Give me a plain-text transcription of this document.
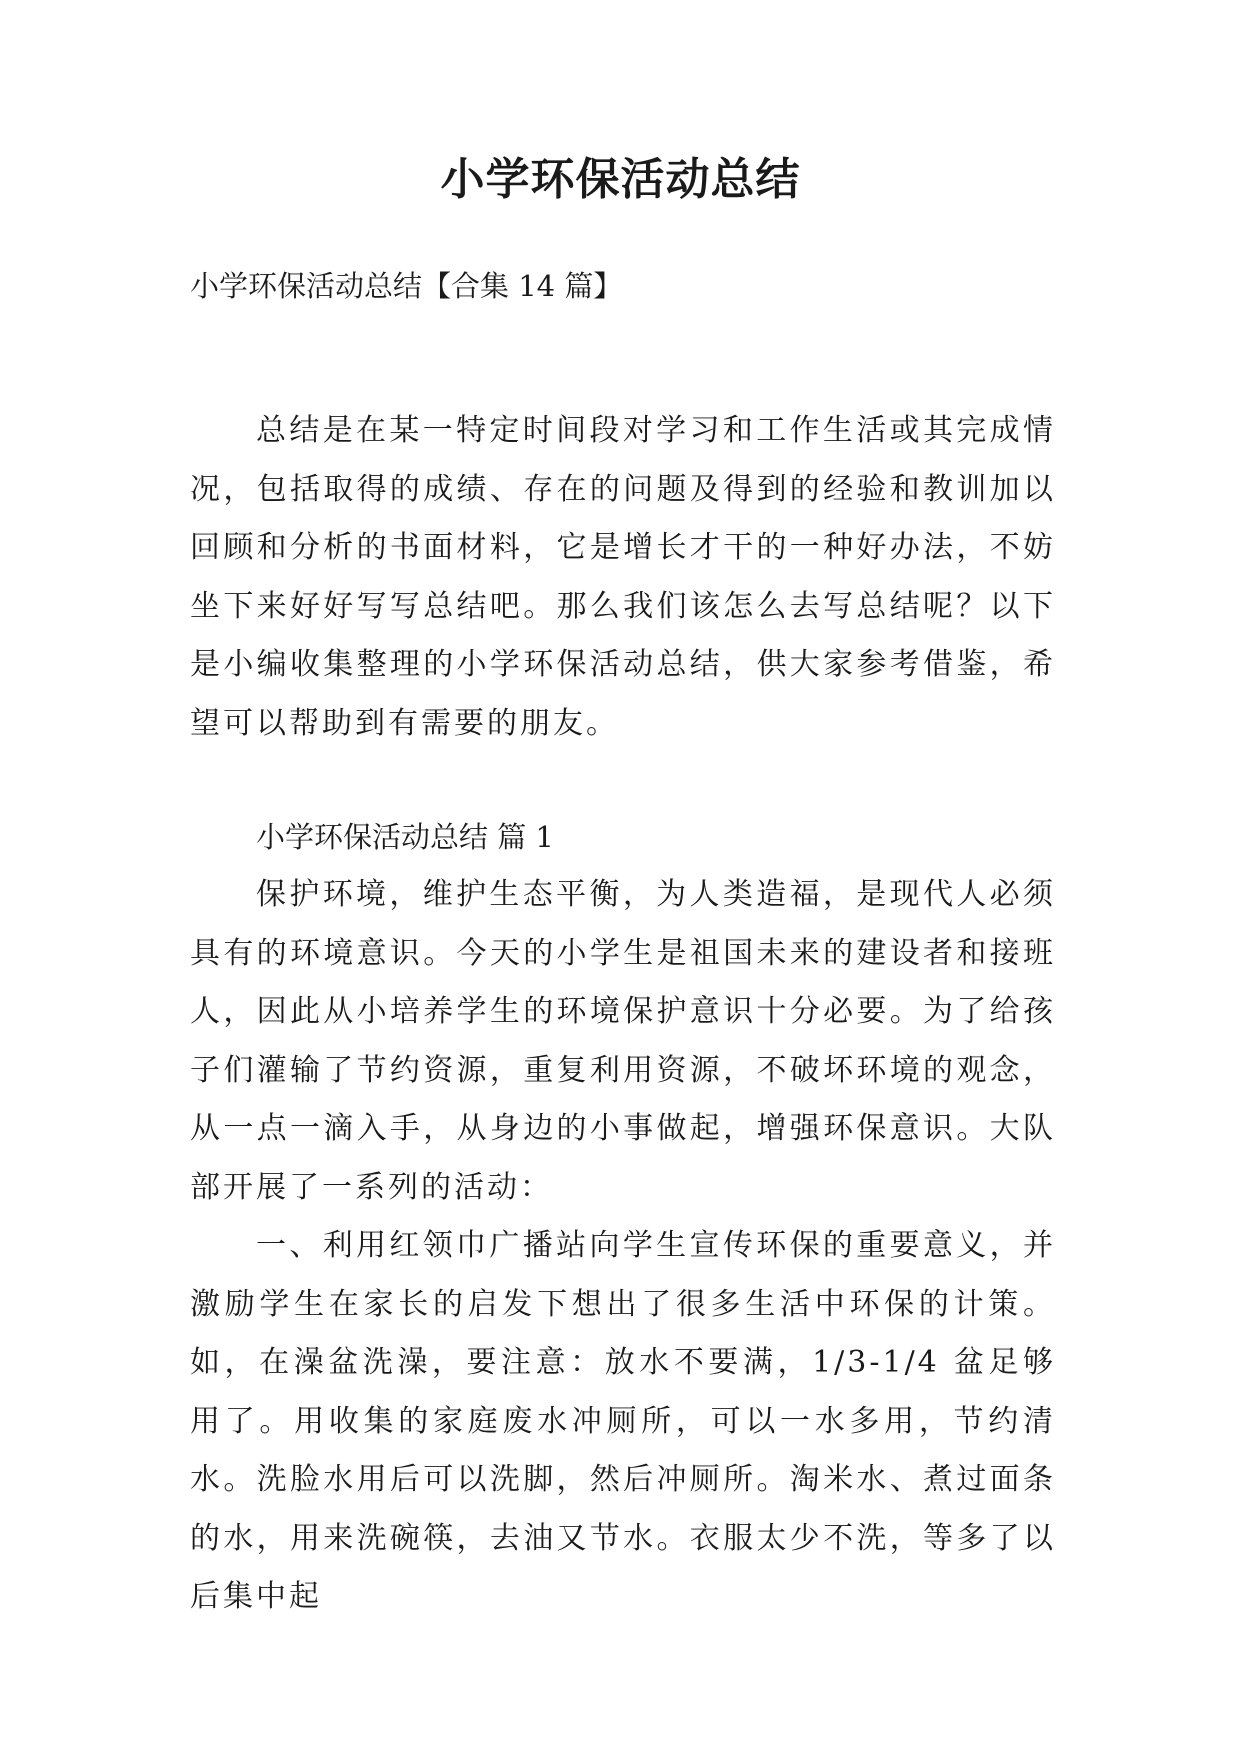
小学环保活动总结

小学环保活动总结【合集 14 篇】

总结是在某一特定时间段对学习和工作生活或其完成情况，包括取得的成绩、存在的问题及得到的经验和教训加以回顾和分析的书面材料，它是增长才干的一种好办法，不妨坐下来好好写写总结吧。那么我们该怎么去写总结呢？以下是小编收集整理的小学环保活动总结，供大家参考借鉴，希望可以帮助到有需要的朋友。

小学环保活动总结 篇 1

保护环境，维护生态平衡，为人类造福，是现代人必须具有的环境意识。今天的小学生是祖国未来的建设者和接班人，因此从小培养学生的环境保护意识十分必要。为了给孩子们灌输了节约资源，重复利用资源，不破坏环境的观念，从一点一滴入手，从身边的小事做起，增强环保意识。大队部开展了一系列的活动：

一、利用红领巾广播站向学生宣传环保的重要意义，并激励学生在家长的启发下想出了很多生活中环保的计策。如，在澡盆洗澡，要注意：放水不要满，1/3-1/4 盆足够用了。用收集的家庭废水冲厕所，可以一水多用，节约清水。洗脸水用后可以洗脚，然后冲厕所。淘米水、煮过面条的水，用来洗碗筷，去油又节水。衣服太少不洗，等多了以后集中起
